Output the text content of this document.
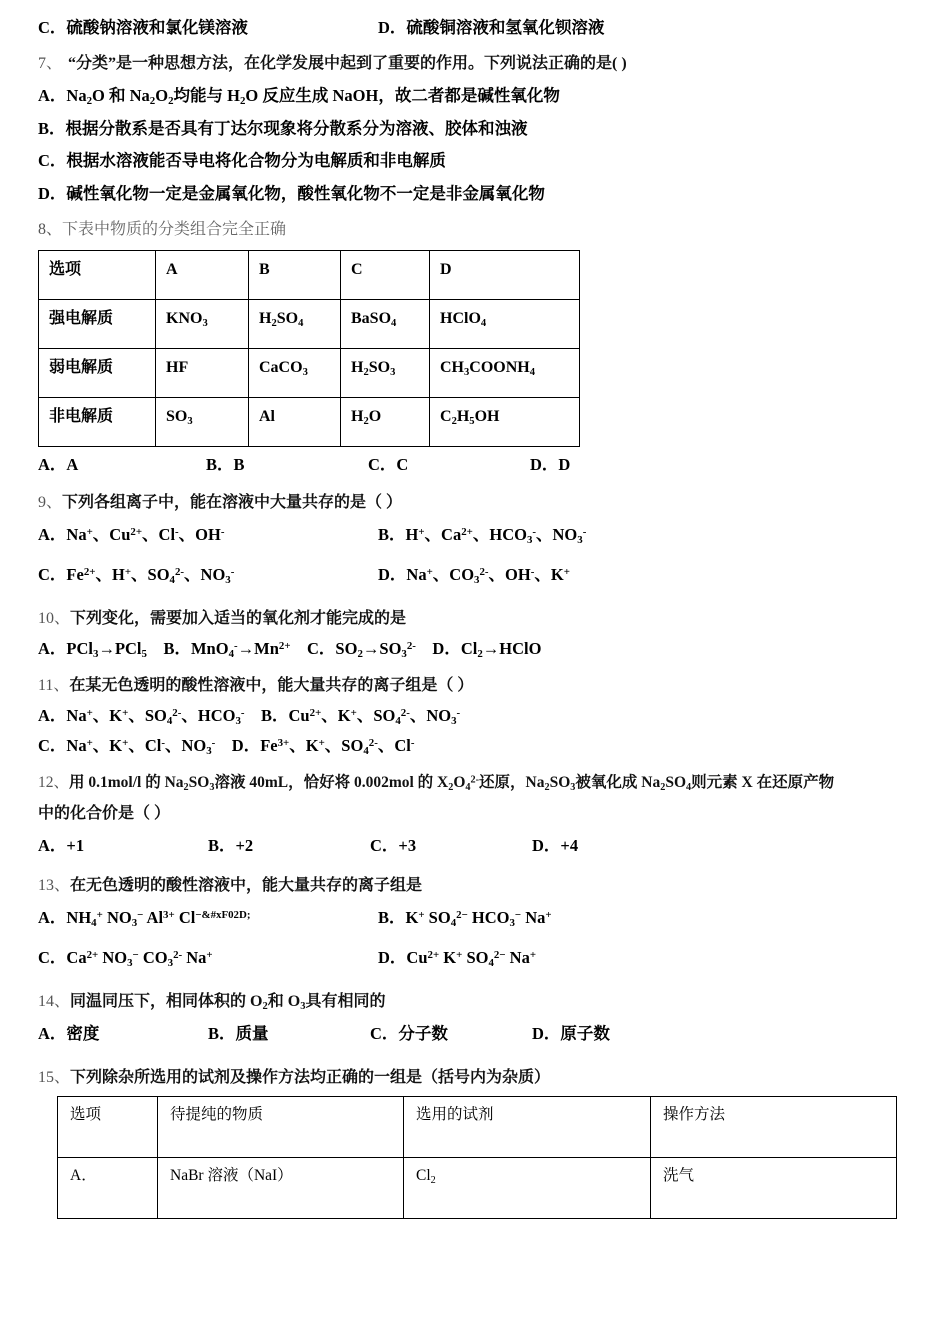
C．硫酸钠溶液和氯化镁溶液	D．硫酸铜溶液和氢氧化钡溶液
7、 “分类”是一种思想方法，在化学发展中起到了重要的作用。下列说法正确的是( )
A．$Na_2O$ 和 $Na_2O_2$均能与 $H_2O$ 反应生成 NaOH，故二者都是碱性氧化物
B．根据分散系是否具有丁达尔现象将分散系分为溶液、胶体和浊液
C．根据水溶液能否导电将化合物分为电解质和非电解质
D．碱性氧化物一定是金属氧化物，酸性氧化物不一定是非金属氧化物
8、下表中物质的分类组合完全正确
选项	A	B	C	D
强电解质	$KNO_3$	$H_2SO_4$	BaSO$_4$	HClO$_4$
弱电解质	HF	CaCO$_3$	$H_2SO_3$	$CH_3COONH_4$
非电解质	$SO_3$	Al	$H_2O$	$C_2H_5OH$
A．A	B．B	C．C	D．D
9、下列各组离子中，能在溶液中大量共存的是（ ）
A．Na+、$Cu^{2+}$、Cl-、OH-	B．H+、$Ca^{2+}$、$HCO_3^-$、$NO_3^-$
C．$Fe^{2+}$、H+、$SO_4^{2-}$、$NO_3^-$	D．Na+、$CO_3^{2-}$、OH-、K+
10、下列变化，需要加入适当的氧化剂才能完成的是
A．PCl$_3$→PCl$_5$　B．$MnO_4^-\to Mn^{2+}$　C．$SO_2\to SO_3^{2-}$　D．$Cl_2\to HClO$
11、在某无色透明的酸性溶液中，能大量共存的离子组是（ ）
A．Na+、K+、$SO_4^{2-}$、$HCO_3^-$　B．$Cu^{2+}$、K+、$SO_4^{2-}$、$NO_3^-$
C．Na+、K+、Cl-、$NO_3^-$　D．$Fe^{3+}$、K+、$SO_4^{2-}$、Cl-
12、用 0.1mol/l 的 $Na_2SO_3$溶液 40mL，恰好将 0.002mol 的 $X_2O_4^{2-}$还原，$Na_2SO_3$被氧化成 $Na_2SO_4$则元素 X 在还原产物
中的化合价是（ ）
A．+1	B．+2	C．+3	D．+4
13、在无色透明的酸性溶液中，能大量共存的离子组是
A．$NH_4^+$ $NO_3^-$ $Al^{3+}$ $Cl^{-\&\#xF02D;}$	B．K+ $SO_4^{2-}$ $HCO_3^-$ Na+
C．$Ca^{2+}$ $NO_3^-$ $CO_3^{2-}$ Na+	D．$Cu^{2+}$ K+ $SO_4^{2-}$ Na+
14、同温同压下，相同体积的 $O_2$和 $O_3$具有相同的
A．密度	B．质量	C．分子数	D．原子数
15、下列除杂所选用的试剂及操作方法均正确的一组是（括号内为杂质）
选项	待提纯的物质	选用的试剂	操作方法
A．	NaBr 溶液（NaI）	$Cl_2$	洗气
